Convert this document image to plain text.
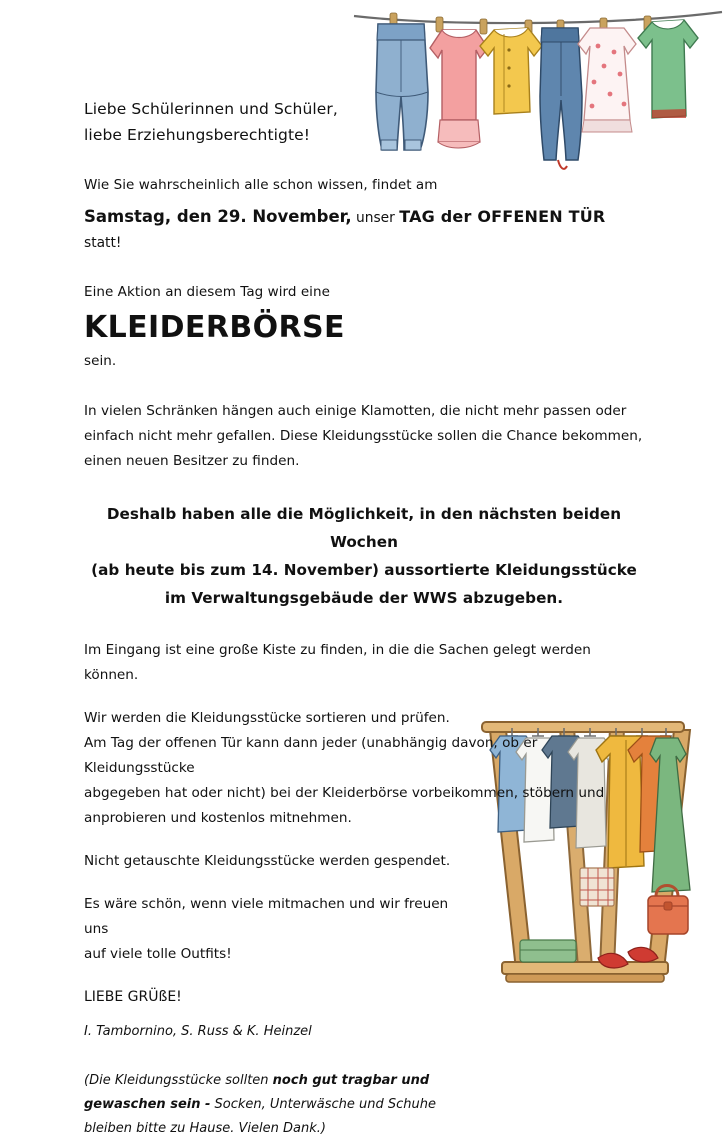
Liebe Schülerinnen und Schüler,
liebe Erziehungsberechtigte!
Wie Sie wahrscheinlich alle schon wissen, findet am
Samstag, den 29. November, unser TAG der OFFENEN TÜR statt!
Eine Aktion an diesem Tag wird eine
KLEIDERBÖRSE
sein.
In vielen Schränken hängen auch einige Klamotten, die nicht mehr passen oder
einfach nicht mehr gefallen. Diese Kleidungsstücke sollen die Chance bekommen,
einen neuen Besitzer zu finden.
Deshalb haben alle die Möglichkeit, in den nächsten beiden Wochen
(ab heute bis zum 14. November) aussortierte Kleidungsstücke
im Verwaltungsgebäude der WWS abzugeben.
Im Eingang ist eine große Kiste zu finden, in die die Sachen gelegt werden können.
Wir werden die Kleidungsstücke sortieren und prüfen.
Am Tag der offenen Tür kann dann jeder (unabhängig davon, ob er Kleidungsstücke
abgegeben hat oder nicht) bei der Kleiderbörse vorbeikommen, stöbern und
anprobieren und kostenlos mitnehmen.
Nicht getauschte Kleidungsstücke werden gespendet.
Es wäre schön, wenn viele mitmachen und wir freuen uns
auf viele tolle Outfits!
LIEBE GRÜßE!
I. Tambornino, S. Russ & K. Heinzel
(Die Kleidungsstücke sollten noch gut tragbar und
gewaschen sein - Socken, Unterwäsche und Schuhe
bleiben bitte zu Hause. Vielen Dank.)
